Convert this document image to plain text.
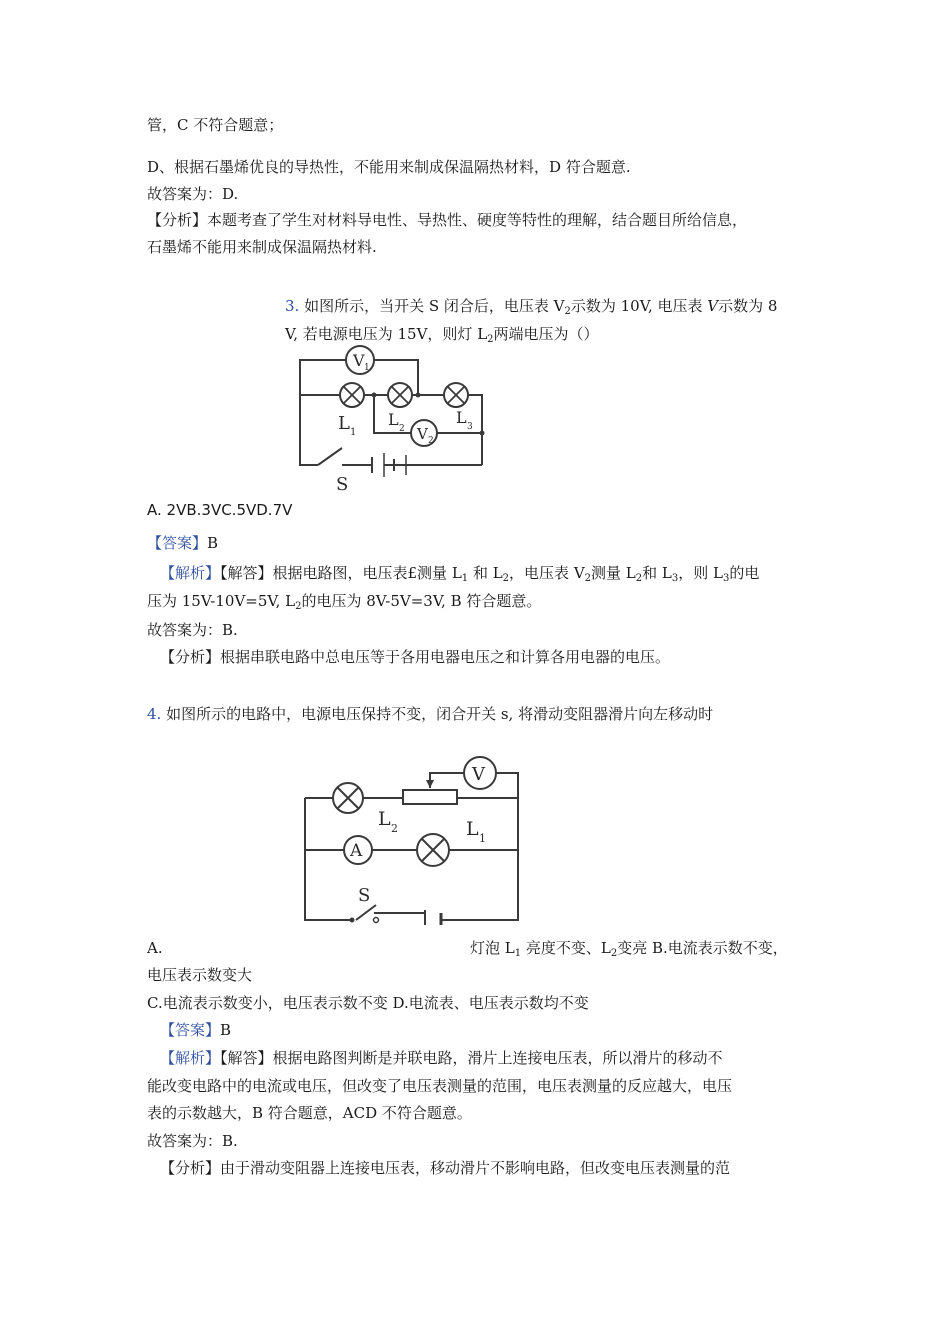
管，C 不符合题意；
D、根据石墨烯优良的导热性，不能用来制成保温隔热材料，D 符合题意.
故答案为：D.
【分析】本题考查了学生对材料导电性、导热性、硬度等特性的理解，结合题目所给信息，
石墨烯不能用来制成保温隔热材料.
3. 如图所示，当开关 S 闭合后，电压表 $V_2$示数为 10V, 电压表 V示数为 8
V, 若电源电压为 15V，则灯 $L_2$两端电压为（）
V 1
V 2
L 1
L 2
L 3
S
A. 2VB.3VC.5VD.7V
【答案】B
【解析】【解答】根据电路图，电压表£测量 $L_1$ 和 $L_2$，电压表 $V_2$测量 $L_2$和 $L_3$，则 $L_3$的电
压为 15V-10V=5V, $L_2$的电压为 8V-5V=3V, B 符合题意。
故答案为：B.
【分析】根据串联电路中总电压等于各用电器电压之和计算各用电器的电压。
4. 如图所示的电路中，电源电压保持不变，闭合开关 s, 将滑动变阻器滑片向左移动时
V
A
L 2	L 1
S
A.	灯泡 $L_1$ 亮度不变、$L_2$变亮 B.电流表示数不变，
电压表示数变大
C.电流表示数变小，电压表示数不变 D.电流表、电压表示数均不变
【答案】B
【解析】【解答】根据电路图判断是并联电路，滑片上连接电压表，所以滑片的移动不
能改变电路中的电流或电压，但改变了电压表测量的范围，电压表测量的反应越大，电压
表的示数越大，B 符合题意，ACD 不符合题意。
故答案为：B.
【分析】由于滑动变阻器上连接电压表，移动滑片不影响电路，但改变电压表测量的范
